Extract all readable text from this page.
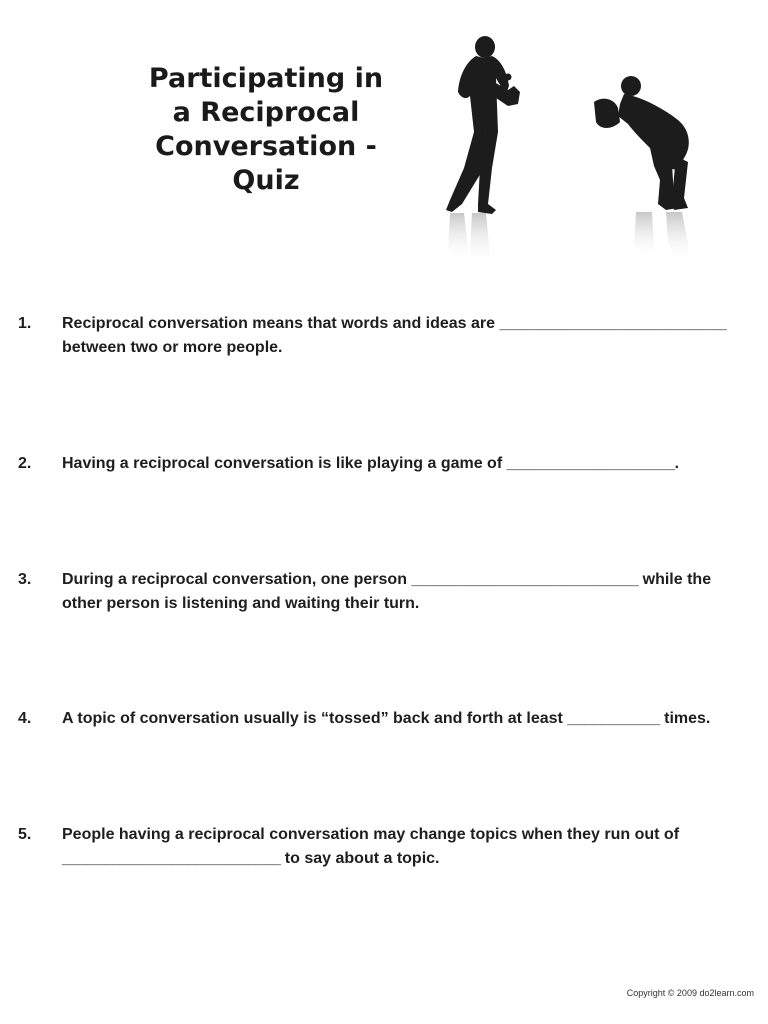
Participating in
a Reciprocal
Conversation -
Quiz
1. Reciprocal conversation means that words and ideas are ___________________________ between two or more people.
2. Having a reciprocal conversation is like playing a game of ____________________.
3. During a reciprocal conversation, one person ___________________________ while the other person is listening and waiting their turn.
4. A topic of conversation usually is “tossed” back and forth at least ___________ times.
5. People having a reciprocal conversation may change topics when they run out of __________________________ to say about a topic.
Copyright © 2009 do2learn.com
